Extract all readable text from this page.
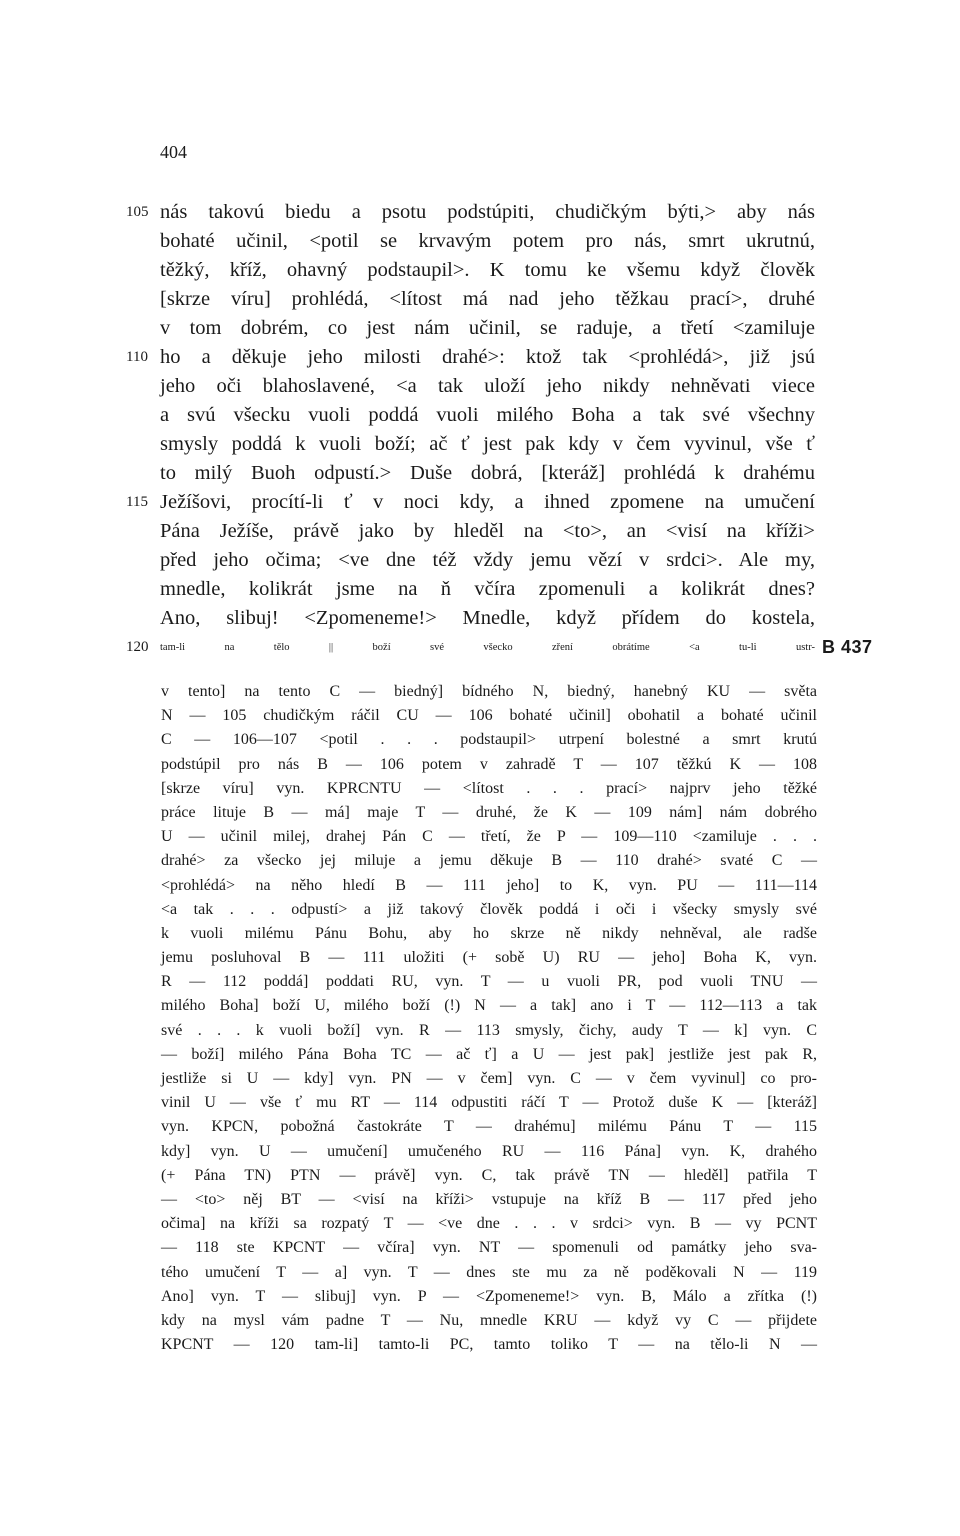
404
105 nás takovú biedu a psotu podstúpiti, chudičkým býti,> aby nás
bohaté učinil, <potil se krvavým potem pro nás, smrt ukrutnú,
těžký, kříž, ohavný podstaupil>. K tomu ke všemu když člověk
[skrze víru] prohlédá, <lítost má nad jeho těžkau prací>, druhé
v tom dobrém, co jest nám učinil, se raduje, a třetí <zamiluje
110 ho a děkuje jeho milosti drahé>: ktož tak <prohlédá>, již jsú
jeho oči blahoslavené, <a tak uloží jeho nikdy nehněvati viece
a svú všecku vuoli poddá vuoli milého Boha a tak své všechny
smysly poddá k vuoli boží; ač ť jest pak kdy v čem vyvinul, vše ť
to milý Buoh odpustí.> Duše dobrá, [kteráž] prohlédá k drahému
115 Ježíšovi, procítí-li ť v noci kdy, a ihned zpomene na umučení
Pána Ježíše, právě jako by hleděl na <to>, an <visí na kříži>
před jeho očima; <ve dne též vždy jemu vězí v srdci>. Ale my,
mnedle, kolikrát jsme na ň včíra zpomenuli a kolikrát dnes?
Ano, slibuj! <Zpomeneme!> Mnedle, když přídem do kostela,
120	tam-li na tělo || boží své všecko zření obrátíme <a tu-li ustr- B 437
v tento] na tento C — biedný] bídného N, biedný, hanebný KU — světa
N — 105 chudičkým ráčil CU — 106 bohaté učinil] obohatil a bohaté učinil
C — 106—107 <potil . . . podstaupil> utrpení bolestné a smrt krutú
podstúpil pro nás B — 106 potem v zahradě T — 107 těžkú K — 108
[skrze víru] vyn. KPRCNTU — <lítost . . . prací> najprv jeho těžké
práce lituje B — má] maje T — druhé, že K — 109 nám] nám dobrého
U — učinil milej, drahej Pán C — třetí, že P — 109—110 <zamiluje . . .
drahé> za všecko jej miluje a jemu děkuje B — 110 drahé> svaté C —
<prohlédá> na něho hledí B — 111 jeho] to K, vyn. PU — 111—114
<a tak . . . odpustí> a již takový člověk poddá i oči i všecky smysly své
k vuoli milému Pánu Bohu, aby ho skrze ně nikdy nehněval, ale radše
jemu posluhoval B — 111 uložiti (+ sobě U) RU — jeho] Boha K, vyn.
R — 112 poddá] poddati RU, vyn. T — u vuoli PR, pod vuoli TNU —
milého Boha] boží U, milého boží (!) N — a tak] ano i T — 112—113 a tak
své . . . k vuoli boží] vyn. R — 113 smysly, čichy, audy T — k] vyn. C
— boží] milého Pána Boha TC — ač ť] a U — jest pak] jestliže jest pak R,
jestliže si U — kdy] vyn. PN — v čem] vyn. C — v čem vyvinul] co pro-
vinil U — vše ť mu RT — 114 odpustiti ráčí T — Protož duše K — [kteráž]
vyn. KPCN, pobožná častokráte T — drahému] milému Pánu T — 115
kdy] vyn. U — umučení] umučeného RU — 116 Pána] vyn. K, drahého
(+ Pána TN) PTN — právě] vyn. C, tak právě TN — hleděl] patřila T
— <to> něj BT — <visí na kříži> vstupuje na kříž B — 117 před jeho
očima] na kříži sa rozpatý T — <ve dne . . . v srdci> vyn. B — vy PCNT
— 118 ste KPCNT — včíra] vyn. NT — spomenuli od památky jeho sva-
tého umučení T — a] vyn. T — dnes ste mu za ně poděkovali N — 119
Ano] vyn. T — slibuj] vyn. P — <Zpomeneme!> vyn. B, Málo a zřítka (!)
kdy na mysl vám padne T — Nu, mnedle KRU — když vy C — přijdete
KPCNT — 120 tam-li] tamto-li PC, tamto toliko T — na tělo-li N —
